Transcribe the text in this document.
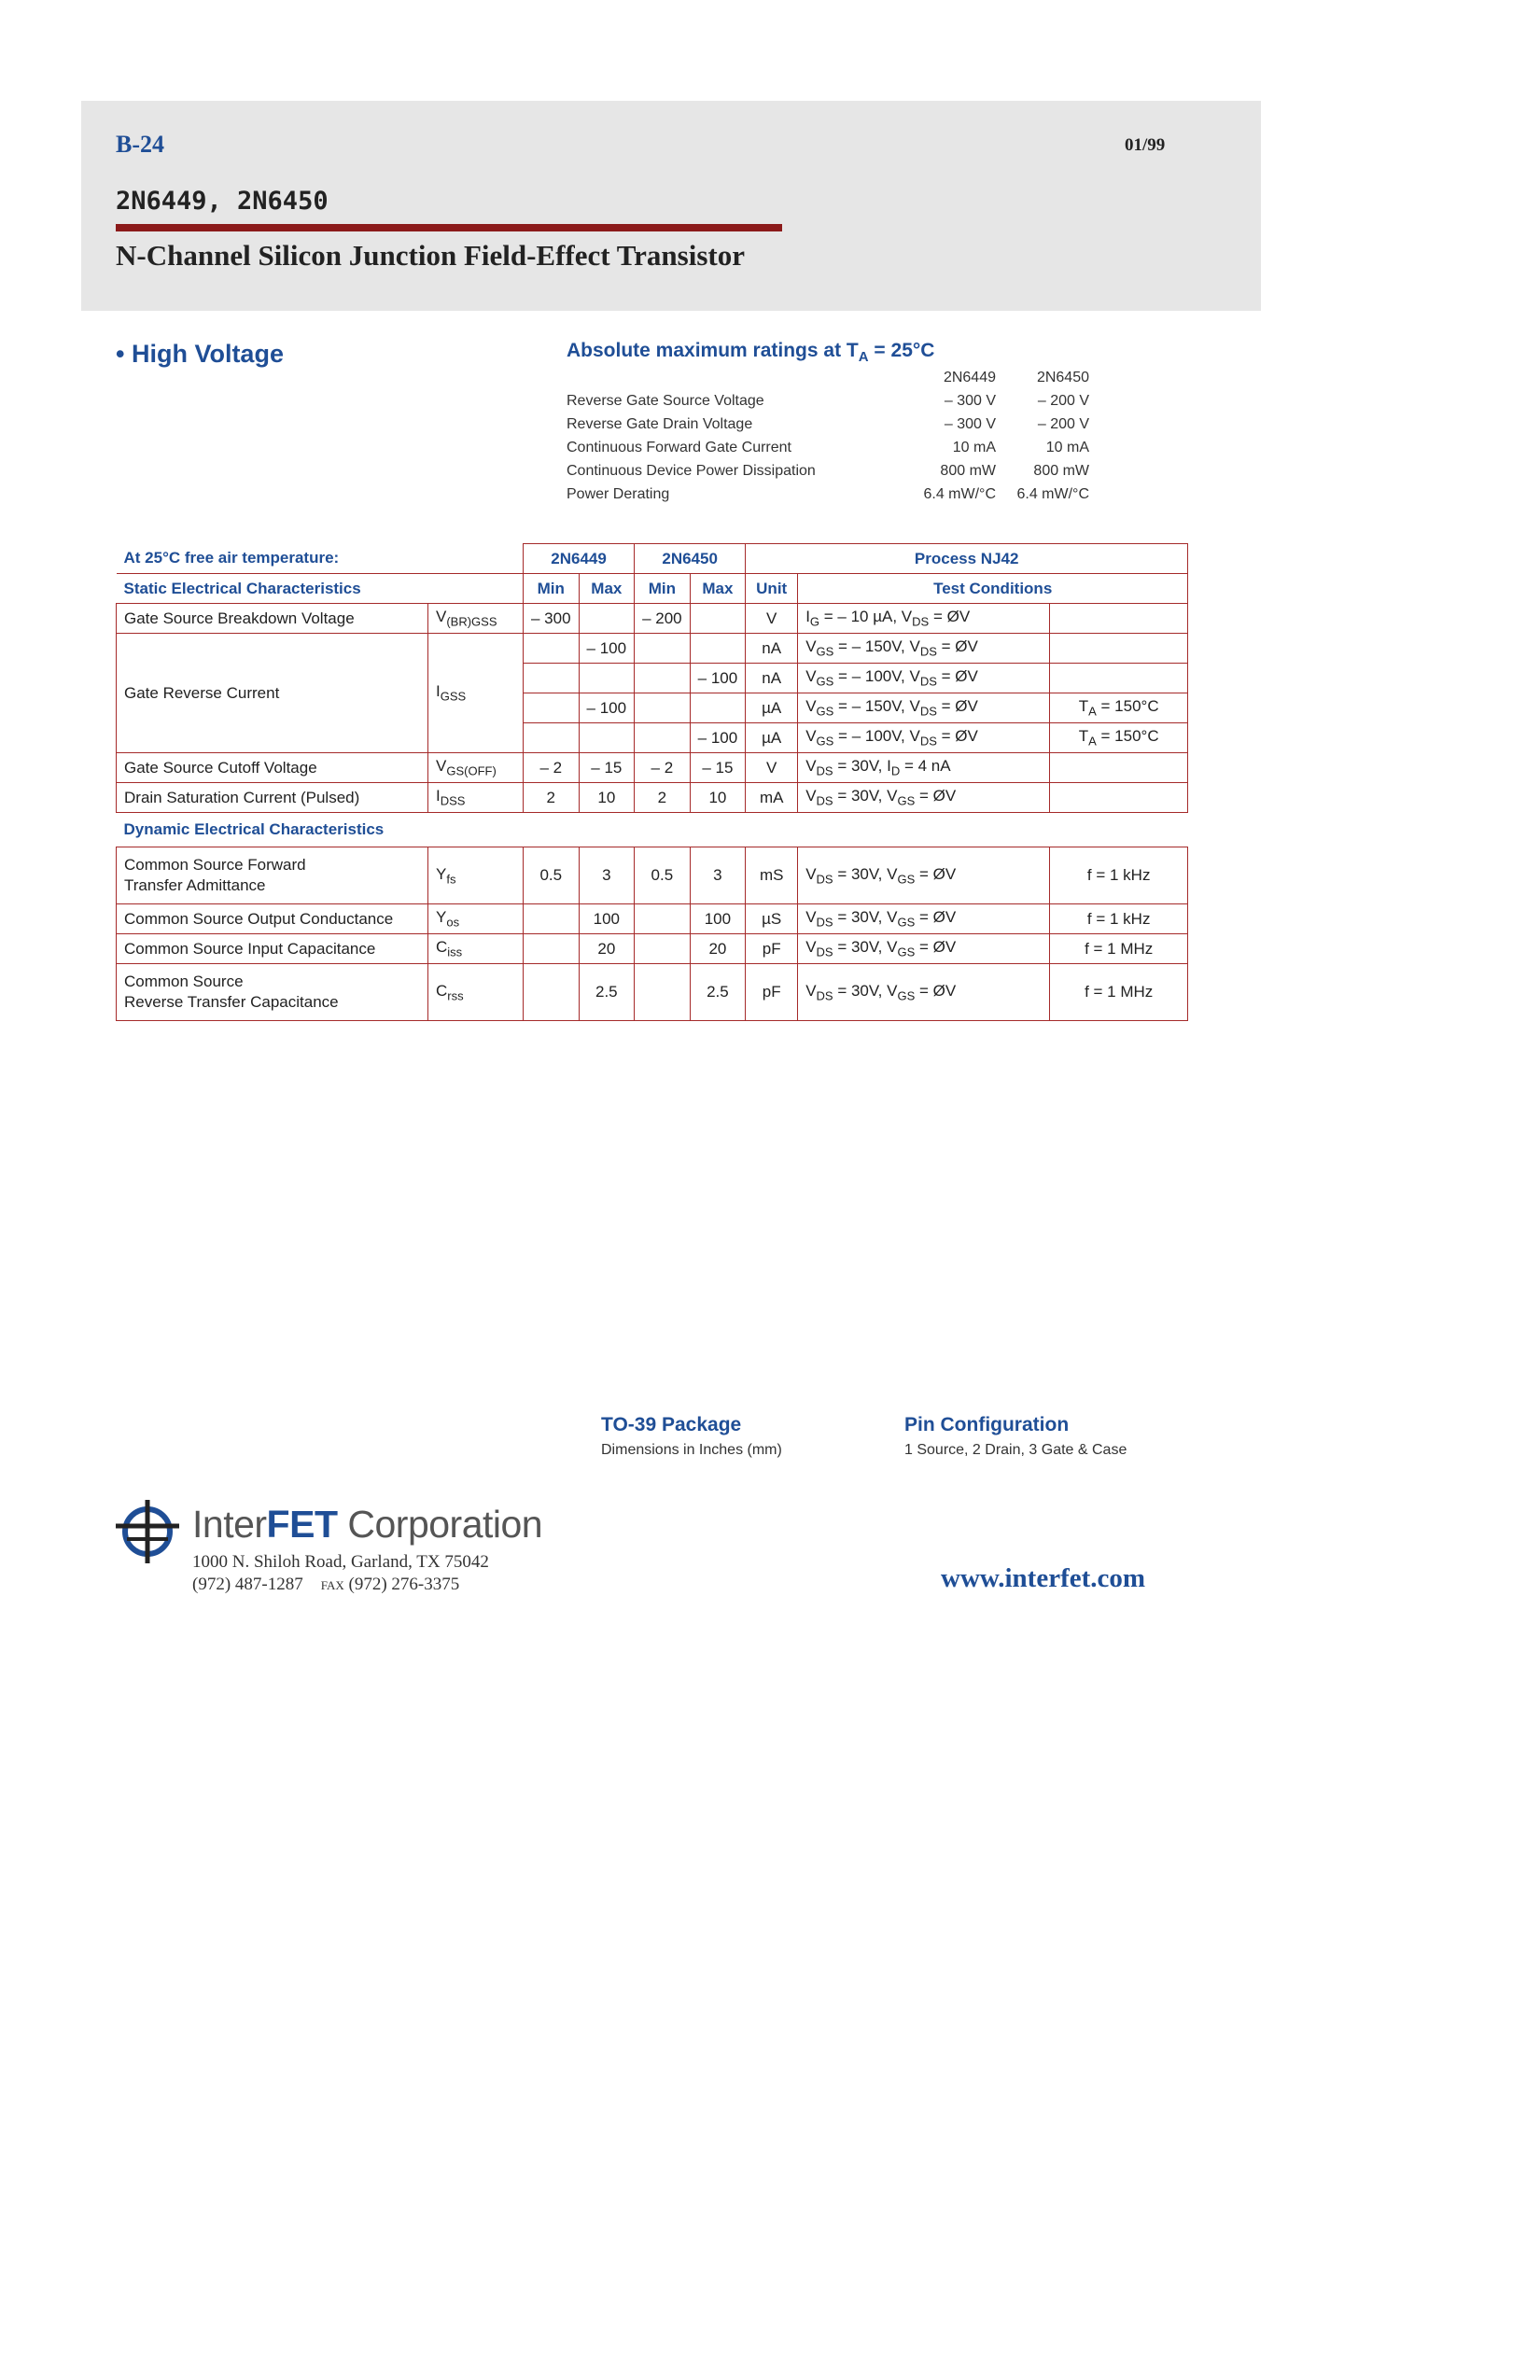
B-24	01/99
2N6449, 2N6450
N-Channel Silicon Junction Field-Effect Transistor
• High Voltage	Absolute maximum ratings at $T_A = 25^\circ C$
	2N6449	2N6450
Reverse Gate Source Voltage	– 300 V	– 200 V
Reverse Gate Drain Voltage	– 300 V	– 200 V
Continuous Forward Gate Current	10 mA	10 mA
Continuous Device Power Dissipation	800 mW	800 mW
Power Derating	6.4 mW/°C	6.4 mW/°C
At 25°C free air temperature:		2N6449		2N6450		Process NJ42		
Static Electrical Characteristics		Min	Max	Min	Max	Unit	Test Conditions	
Gate Source Breakdown Voltage	$V_{(BR)GSS}$	– 300		– 200		V	$I_G$ = – 10 µA, $V_{DS}$ = ØV	
Gate Reverse Current	$I_{GSS}$		– 100			nA	$V_{GS}$ = – 150V, $V_{DS}$ = ØV	
					– 100	nA	$V_{GS}$ = – 100V, $V_{DS}$ = ØV	
			– 100			µA	$V_{GS}$ = – 150V, $V_{DS}$ = ØV	$T_A = 150^\circ C$
					– 100	µA	$V_{GS}$ = – 100V, $V_{DS}$ = ØV	$T_A = 150^\circ C$
Gate Source Cutoff Voltage	$V_{GS(OFF)}$	– 2	– 15	– 2	– 15	V	$V_{DS} = 30V$, $I_D = 4$ nA	
Drain Saturation Current (Pulsed)	$I_{DSS}$	2	10	2	10	mA	$V_{DS} = 30V$, $V_{GS}$ = ØV	
Dynamic Electrical Characteristics								
Common Source Forward
Transfer Admittance	$Y_{fs}$	0.5	3	0.5	3	mS	$V_{DS} = 30V$, $V_{GS}$ = ØV	f = 1 kHz
Common Source Output Conductance	$Y_{os}$		100		100	µS	$V_{DS} = 30V$, $V_{GS}$ = ØV	f = 1 kHz
Common Source Input Capacitance	$C_{iss}$		20		20	pF	$V_{DS} = 30V$, $V_{GS}$ = ØV	f = 1 MHz
Common Source
Reverse Transfer Capacitance	$C_{rss}$		2.5		2.5	pF	$V_{DS} = 30V$, $V_{GS}$ = ØV	f = 1 MHz
TO-39 Package
Dimensions in Inches (mm)
Pin Configuration
1 Source, 2 Drain, 3 Gate & Case
InterFET Corporation
1000 N. Shiloh Road, Garland, TX 75042
(972) 487-1287 FAX (972) 276-3375	www.interfet.com
